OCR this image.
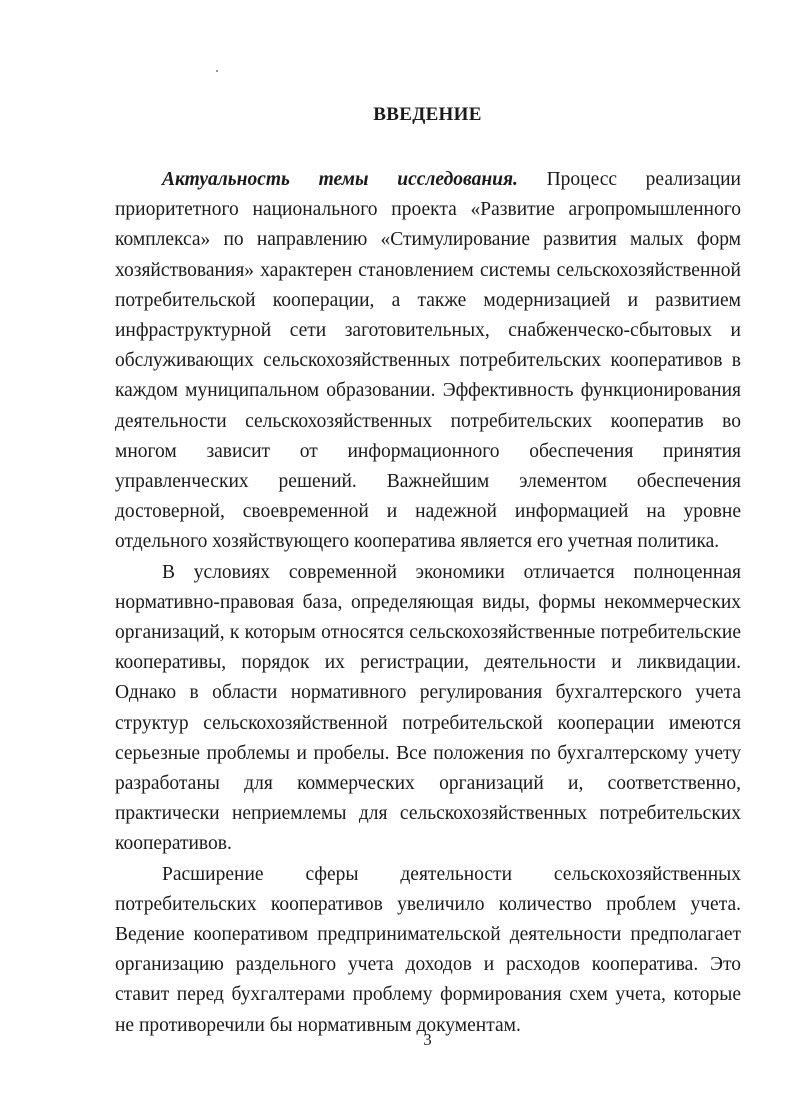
ВВЕДЕНИЕ

Актуальность темы исследования. Процесс реализации приоритетного национального проекта «Развитие агропромышленного комплекса» по направлению «Стимулирование развития малых форм хозяйствования» характерен становлением системы сельскохозяйственной потребительской кооперации, а также модернизацией и развитием инфраструктурной сети заготовительных, снабженческо-сбытовых и обслуживающих сельскохозяйственных потребительских кооперативов в каждом муниципальном образовании. Эффективность функционирования деятельности сельскохозяйственных потребительских кооператив во многом зависит от информационного обеспечения принятия управленческих решений. Важнейшим элементом обеспечения достоверной, своевременной и надежной информацией на уровне отдельного хозяйствующего кооператива является его учетная политика.

В условиях современной экономики отличается полноценная нормативно-правовая база, определяющая виды, формы некоммерческих организаций, к которым относятся сельскохозяйственные потребительские кооперативы, порядок их регистрации, деятельности и ликвидации. Однако в области нормативного регулирования бухгалтерского учета структур сельскохозяйственной потребительской кооперации имеются серьезные проблемы и пробелы. Все положения по бухгалтерскому учету разработаны для коммерческих организаций и, соответственно, практически неприемлемы для сельскохозяйственных потребительских кооперативов.

Расширение сферы деятельности сельскохозяйственных потребительских кооперативов увеличило количество проблем учета. Ведение кооперативом предпринимательской деятельности предполагает организацию раздельного учета доходов и расходов кооператива. Это ставит перед бухгалтерами проблему формирования схем учета, которые не противоречили бы нормативным документам.

3
